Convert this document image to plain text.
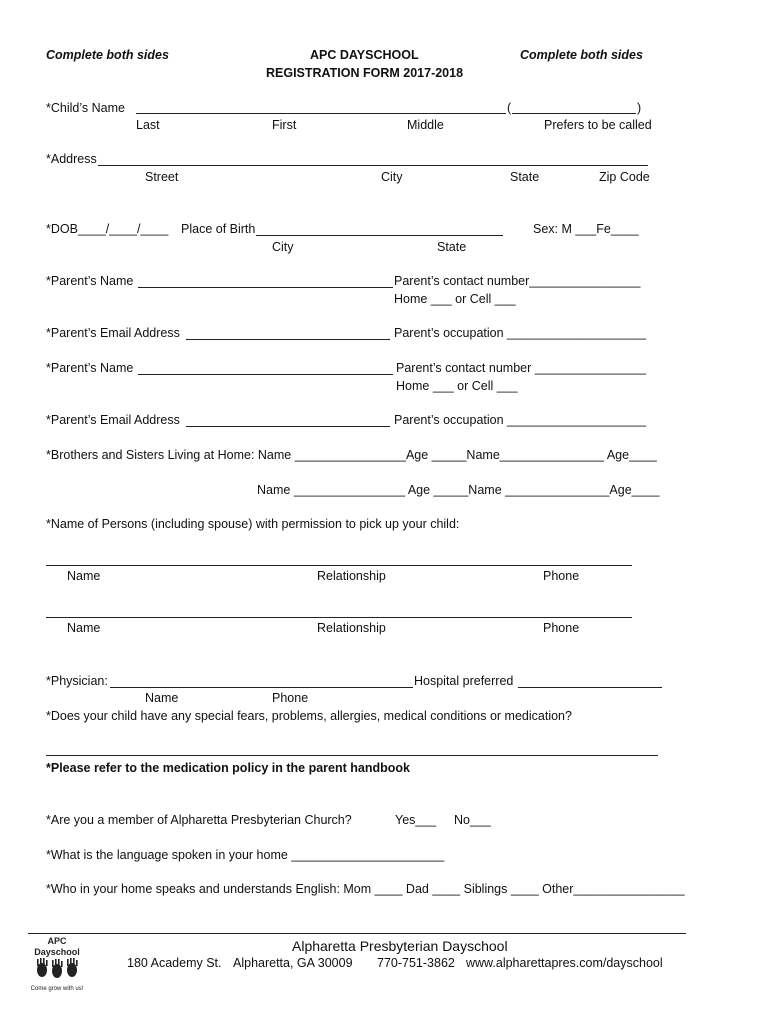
Complete both sides	APC DAYSCHOOL
REGISTRATION FORM 2017-2018
Complete both sides
*Child’s Name	(	)
Last	First	Middle	Prefers to be called
*Address
Street	City	State	Zip Code
*DOB____/____/____ Place of Birth	Sex: M ___Fe____
City	State
*Parent’s Name	Parent’s contact number________________
Home ___ or Cell ___
*Parent’s Email Address	Parent’s occupation ____________________
*Parent’s Name	Parent’s contact number ________________
Home ___ or Cell ___
*Parent’s Email Address	Parent’s occupation ____________________
*Brothers and Sisters Living at Home: Name ________________Age _____Name_______________ Age____
Name ________________ Age _____Name _______________Age____
*Name of Persons (including spouse) with permission to pick up your child:
Name	Relationship	Phone
Name	Relationship	Phone
*Physician:	Hospital preferred
Name	Phone
*Does your child have any special fears, problems, allergies, medical conditions or medication?
*Please refer to the medication policy in the parent handbook
*Are you a member of Alpharetta Presbyterian Church?	Yes___ No___
*What is the language spoken in your home ______________________
*Who in your home speaks and understands English: Mom ____ Dad ____ Siblings ____ Other________________
APC
Dayschool
Come grow with us!
Alpharetta Presbyterian Dayschool
180 Academy St. Alpharetta, GA 30009 770-751-3862 www.alpharettapres.com/dayschool
